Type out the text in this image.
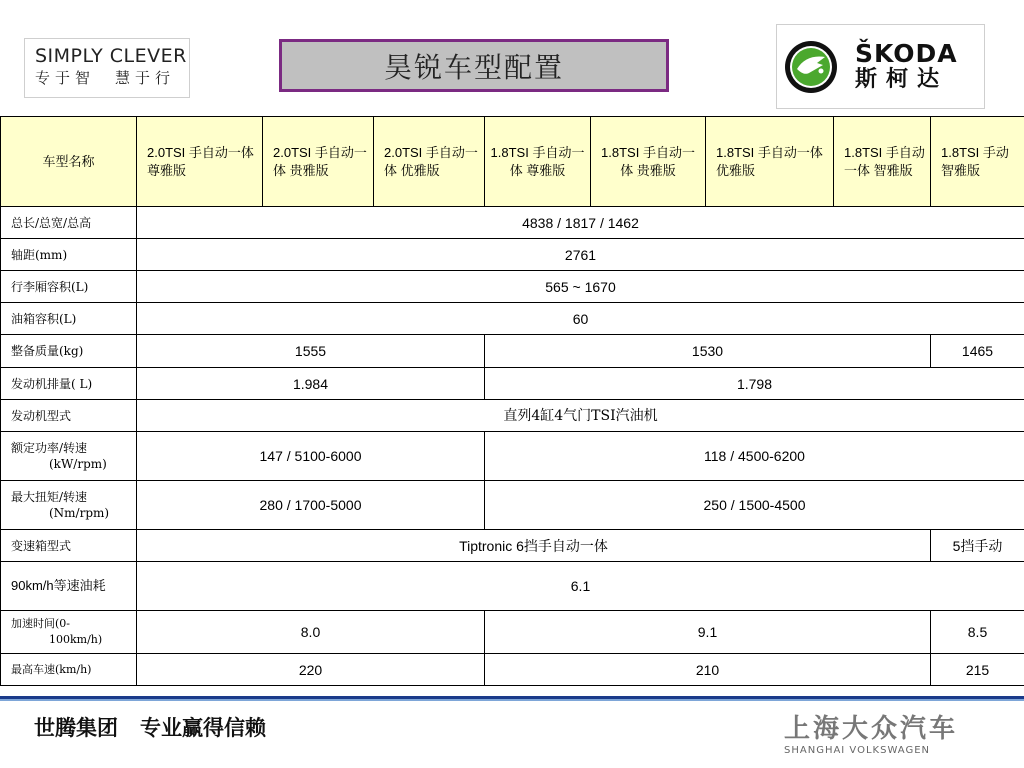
SIMPLY CLEVER
专于智　慧于行	昊锐车型配置	ŠKODA
斯柯达
车型名称	2.0TSI 手自动一体 尊雅版	2.0TSI 手自动一体 贵雅版	2.0TSI 手自动一体 优雅版	1.8TSI 手自动一体 尊雅版	1.8TSI 手自动一体 贵雅版	1.8TSI 手自动一体 优雅版	1.8TSI 手自动一体 智雅版	1.8TSI 手动 智雅版
总长/总宽/总高	4838 / 1817 / 1462							
轴距(mm)	2761							
行李厢容积(L)	565 ~ 1670							
油箱容积(L)	60							
整备质量(kg)	1555			1530				1465
发动机排量( L)	1.984			1.798				
发动机型式	直列4缸4气门TSI汽油机							
额定功率/转速
(kW/rpm)	147 / 5100-6000			118 / 4500-6200				
最大扭矩/转速
(Nm/rpm)	280 / 1700-5000			250 / 1500-4500				
变速箱型式	Tiptronic 6挡手自动一体							5挡手动
90km/h等速油耗	6.1							
加速时间(0-
100km/h)	8.0			9.1				8.5
最高车速(km/h)	220			210				215
世腾集团 专业赢得信赖	上海大众汽车
SHANGHAI VOLKSWAGEN
